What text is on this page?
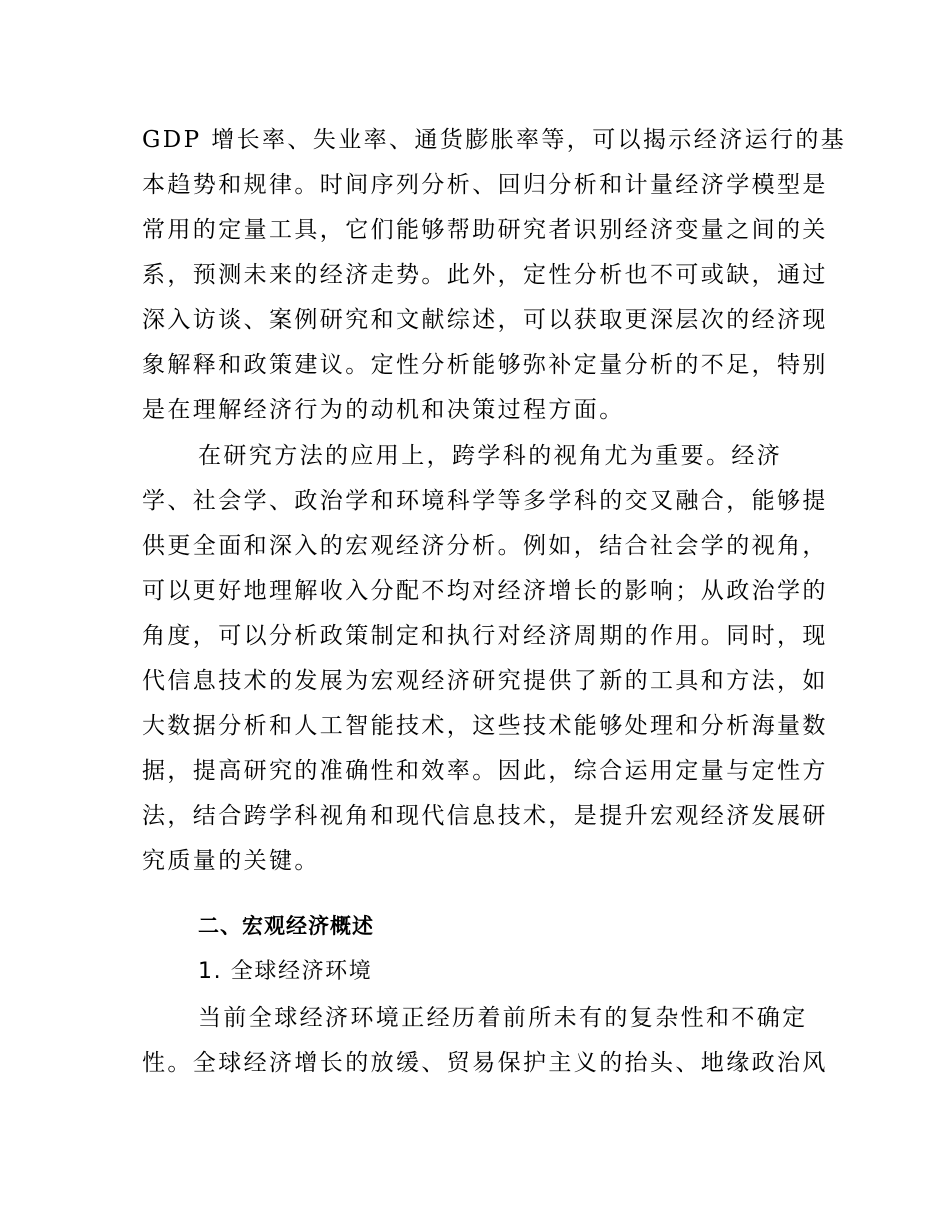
GDP 增长率、失业率、通货膨胀率等，可以揭示经济运行的基
本趋势和规律。时间序列分析、回归分析和计量经济学模型是
常用的定量工具，它们能够帮助研究者识别经济变量之间的关
系，预测未来的经济走势。此外，定性分析也不可或缺，通过
深入访谈、案例研究和文献综述，可以获取更深层次的经济现
象解释和政策建议。定性分析能够弥补定量分析的不足，特别
是在理解经济行为的动机和决策过程方面。
在研究方法的应用上，跨学科的视角尤为重要。经济
学、社会学、政治学和环境科学等多学科的交叉融合，能够提
供更全面和深入的宏观经济分析。例如，结合社会学的视角，
可以更好地理解收入分配不均对经济增长的影响；从政治学的
角度，可以分析政策制定和执行对经济周期的作用。同时，现
代信息技术的发展为宏观经济研究提供了新的工具和方法，如
大数据分析和人工智能技术，这些技术能够处理和分析海量数
据，提高研究的准确性和效率。因此，综合运用定量与定性方
法，结合跨学科视角和现代信息技术，是提升宏观经济发展研
究质量的关键。
二、宏观经济概述
1. 全球经济环境
当前全球经济环境正经历着前所未有的复杂性和不确定
性。全球经济增长的放缓、贸易保护主义的抬头、地缘政治风
